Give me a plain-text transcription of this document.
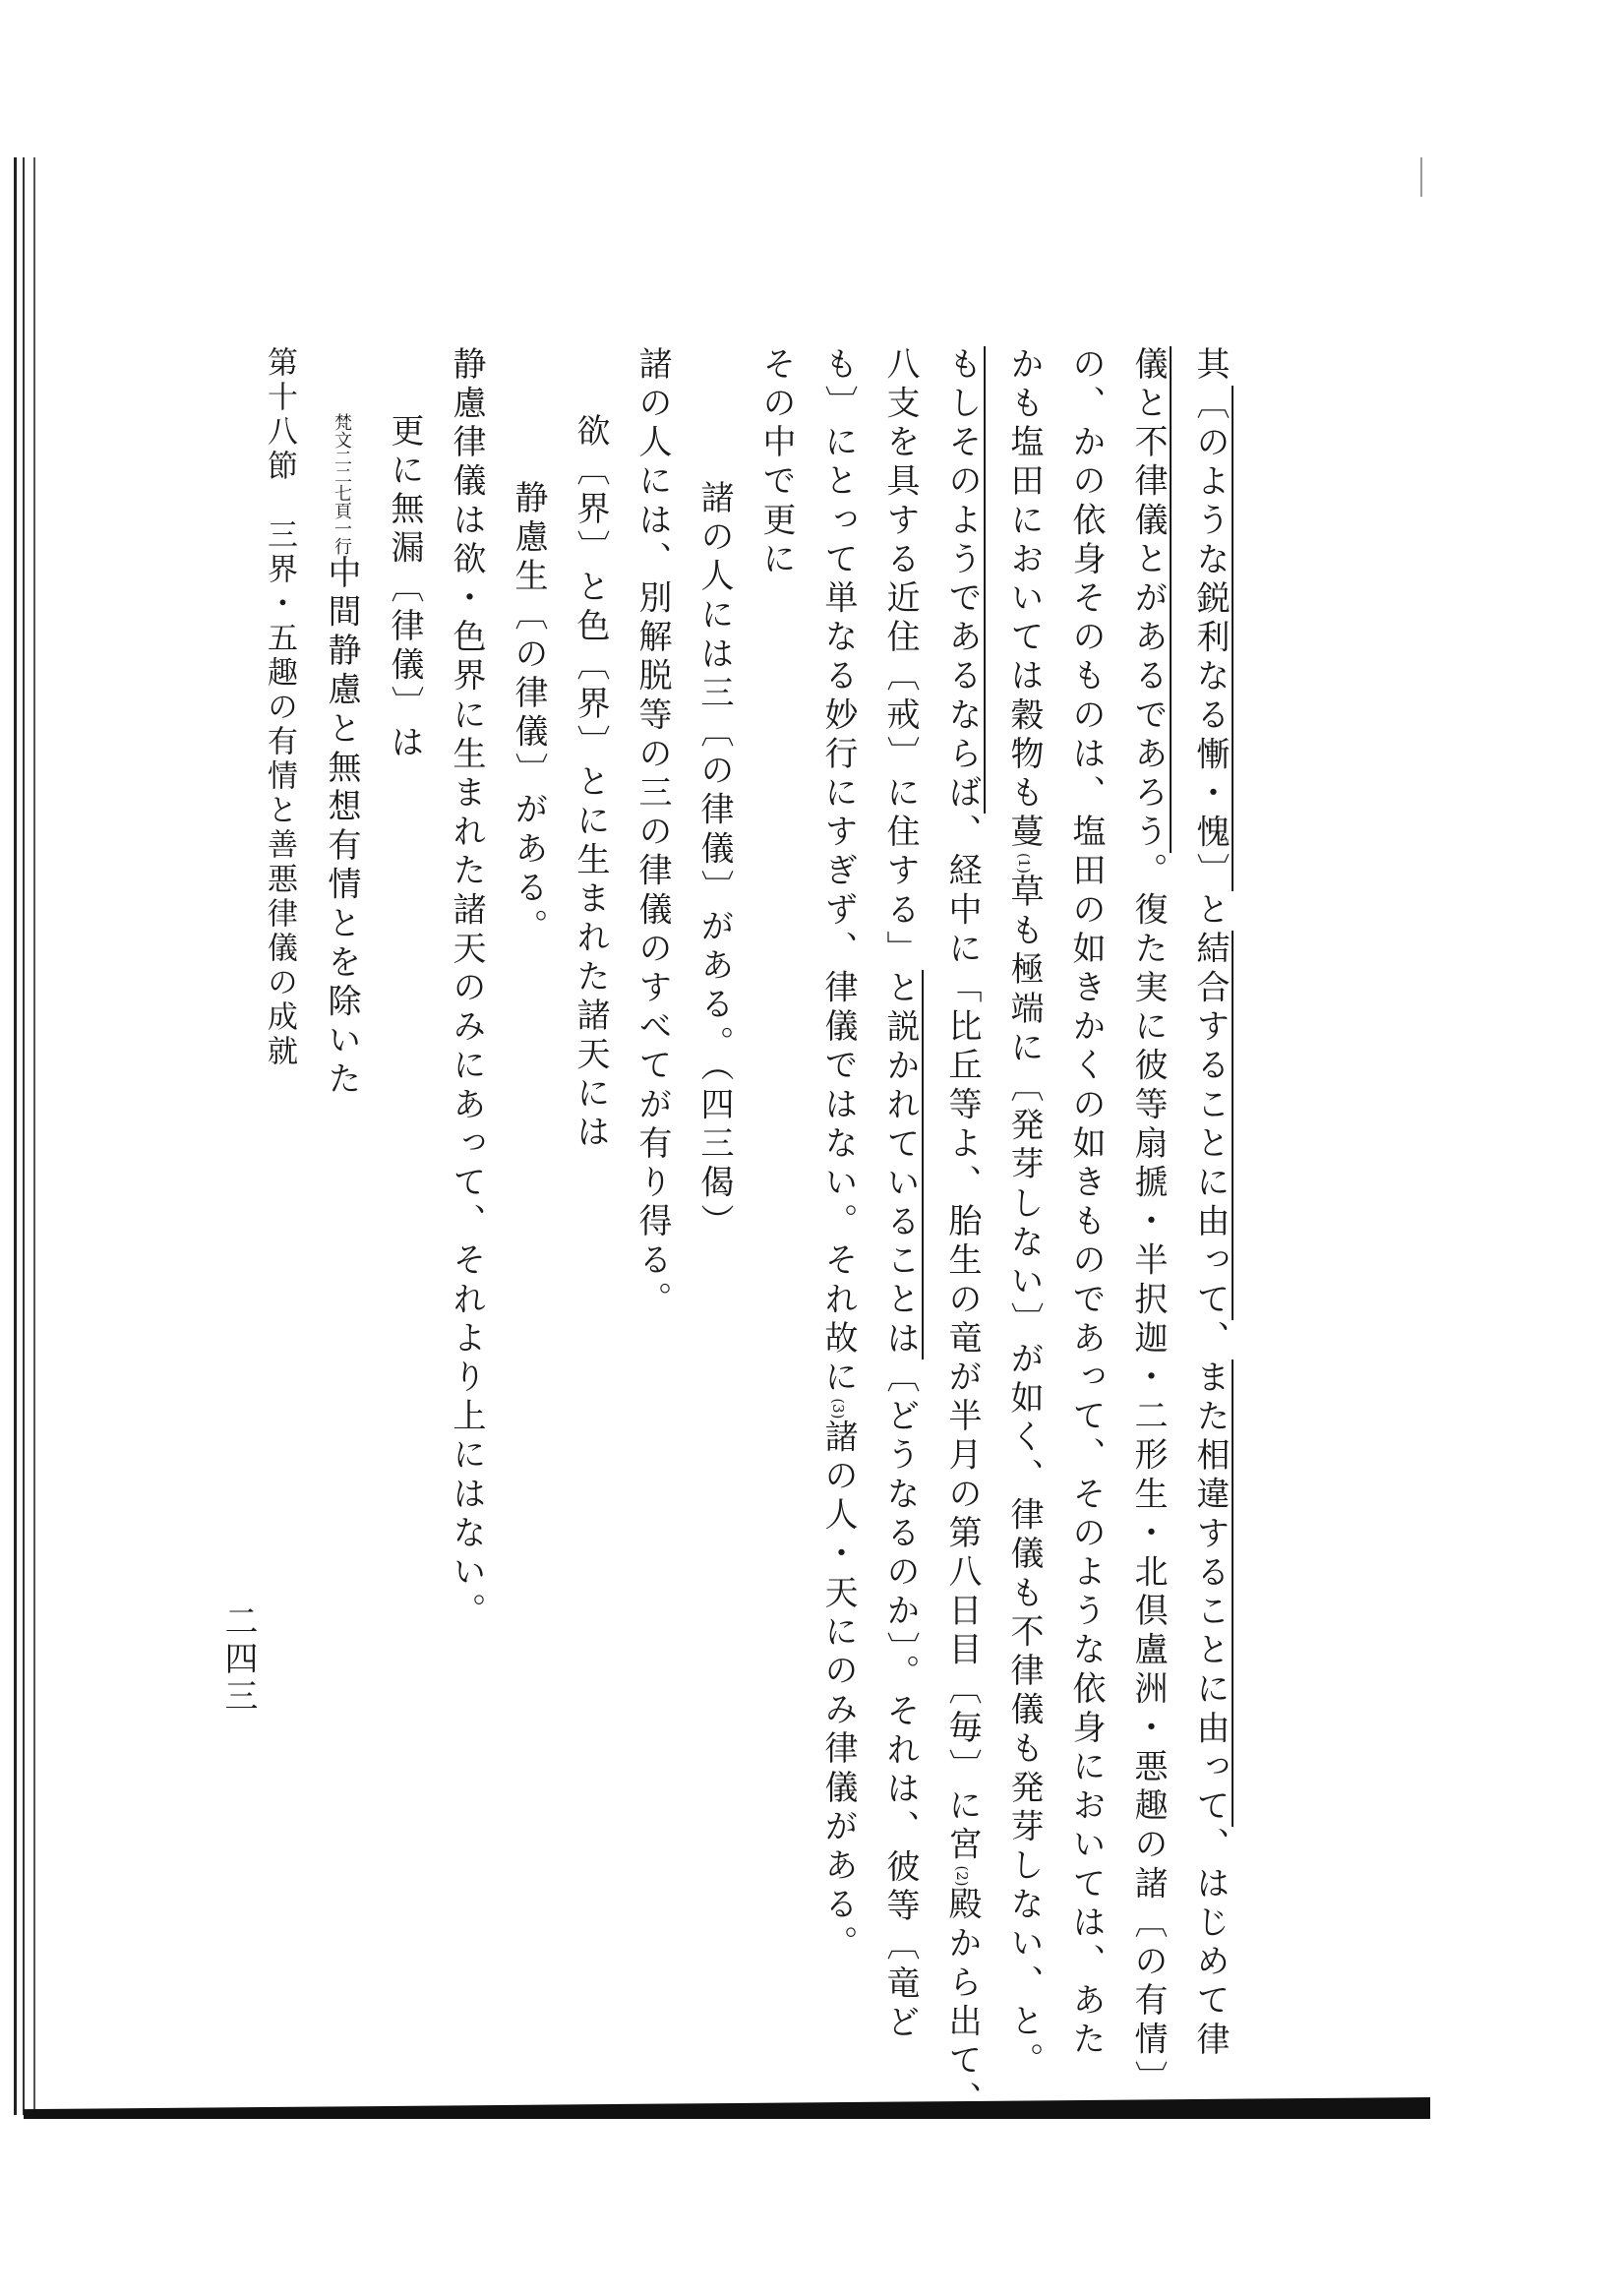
其〔のような鋭利なる慚・愧〕と結合することに由って、また相違することに由って、はじめて律
儀と不律儀とがあるであろう。復た実に彼等扇搋・半択迦・二形生・北倶盧洲・悪趣の諸〔の有情〕
の、かの依身そのものは、塩田の如きかくの如きものであって、そのような依身においては、あた
かも塩田においては穀物も蔓(1)草も極端に〔発芽しない〕が如く、律儀も不律儀も発芽しない、と。
もしそのようであるならば、経中に「比丘等よ、胎生の竜が半月の第八日目〔毎〕に宮(2)殿から出て、
八支を具する近住〔戒〕に住する」と説かれていることは〔どうなるのか〕。それは、彼等〔竜ど
も〕にとって単なる妙行にすぎず、律儀ではない。それ故に(3)諸の人・天にのみ律儀がある。
その中で更に
諸の人には三〔の律儀〕がある。（四三偈）
諸の人には、別解脱等の三の律儀のすべてが有り得る。
欲〔界〕と色〔界〕とに生まれた諸天には
静慮生〔の律儀〕がある。
静慮律儀は欲・色界に生まれた諸天のみにあって、それより上にはない。
更に無漏〔律儀〕は
梵文二二七頁一行中間静慮と無想有情とを除いた
第十八節　三界・五趣の有情と善悪律儀の成就
二四三
